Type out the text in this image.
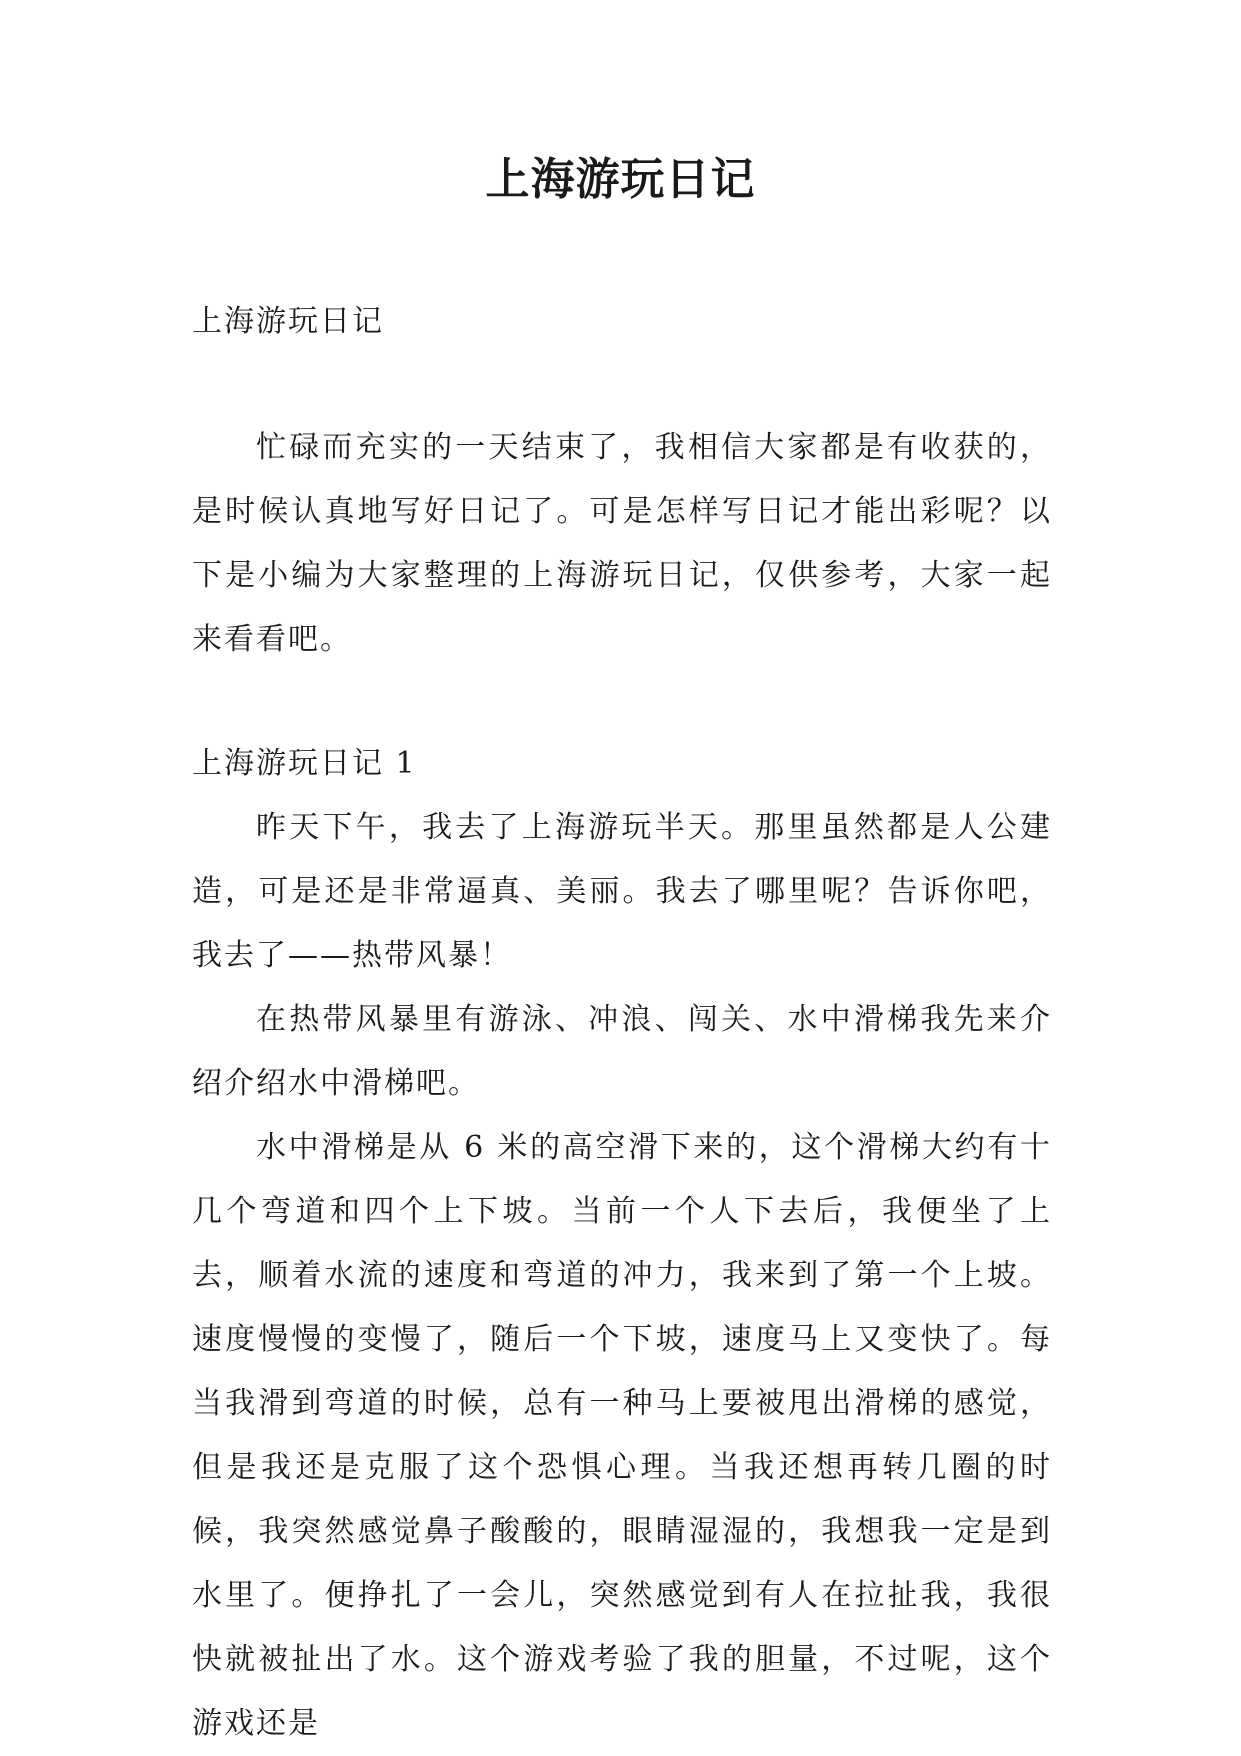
上海游玩日记

上海游玩日记

忙碌而充实的一天结束了，我相信大家都是有收获的，是时候认真地写好日记了。可是怎样写日记才能出彩呢？以下是小编为大家整理的上海游玩日记，仅供参考，大家一起来看看吧。

上海游玩日记 1

昨天下午，我去了上海游玩半天。那里虽然都是人公建造，可是还是非常逼真、美丽。我去了哪里呢？告诉你吧，我去了——热带风暴！

在热带风暴里有游泳、冲浪、闯关、水中滑梯我先来介绍介绍水中滑梯吧。

水中滑梯是从 6 米的高空滑下来的，这个滑梯大约有十几个弯道和四个上下坡。当前一个人下去后，我便坐了上去，顺着水流的速度和弯道的冲力，我来到了第一个上坡。速度慢慢的变慢了，随后一个下坡，速度马上又变快了。每当我滑到弯道的时候，总有一种马上要被甩出滑梯的感觉，但是我还是克服了这个恐惧心理。当我还想再转几圈的时候，我突然感觉鼻子酸酸的，眼睛湿湿的，我想我一定是到水里了。便挣扎了一会儿，突然感觉到有人在拉扯我，我很快就被扯出了水。这个游戏考验了我的胆量，不过呢，这个游戏还是
